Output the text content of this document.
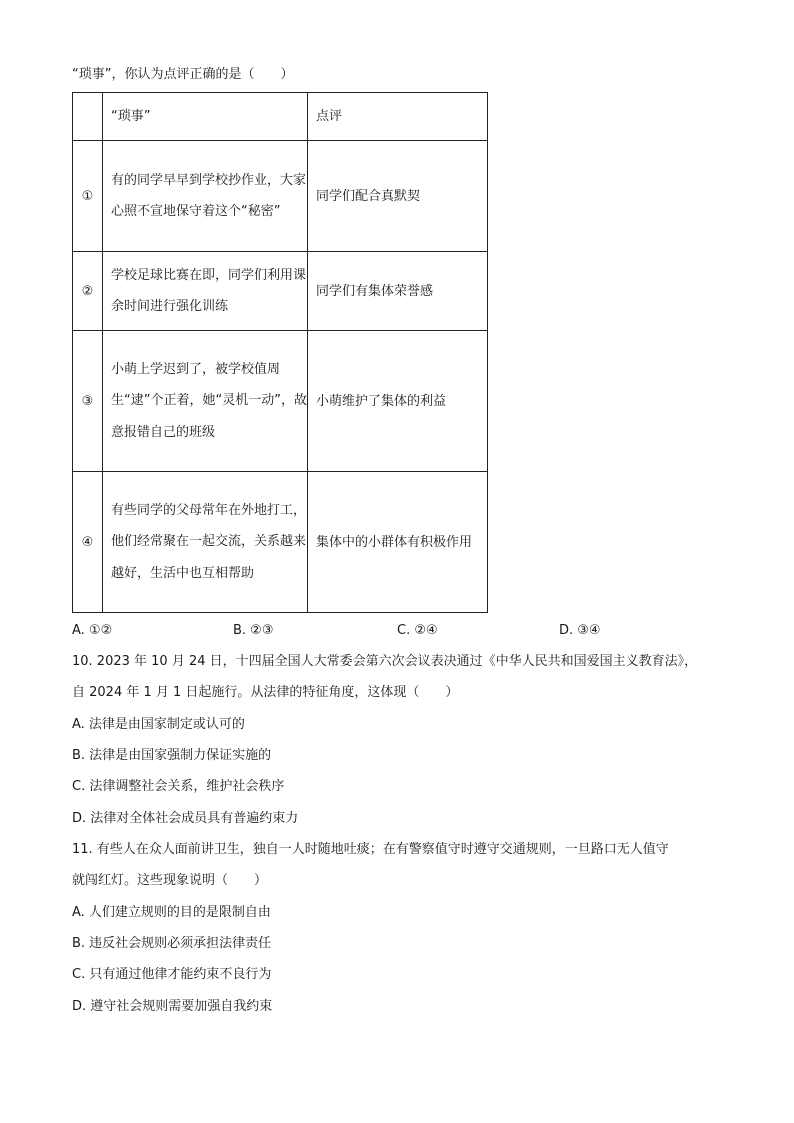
“琐事”，你认为点评正确的是（　　）
	“琐事”	点评
①	有的同学早早到学校抄作业，大家心照不宣地保守着这个“秘密”	同学们配合真默契
②	学校足球比赛在即，同学们利用课余时间进行强化训练	同学们有集体荣誉感
③	小萌上学迟到了，被学校值周生“逮”个正着，她“灵机一动”，故意报错自己的班级	小萌维护了集体的利益
④	有些同学的父母常年在外地打工，他们经常聚在一起交流，关系越来越好，生活中也互相帮助	集体中的小群体有积极作用
A. ①②	B. ②③	C. ②④	D. ③④
10. 2023 年 10 月 24 日，十四届全国人大常委会第六次会议表决通过《中华人民共和国爱国主义教育法》，
自 2024 年 1 月 1 日起施行。从法律的特征角度，这体现（　　）
A. 法律是由国家制定或认可的
B. 法律是由国家强制力保证实施的
C. 法律调整社会关系，维护社会秩序
D. 法律对全体社会成员具有普遍约束力
11. 有些人在众人面前讲卫生，独自一人时随地吐痰；在有警察值守时遵守交通规则，一旦路口无人值守
就闯红灯。这些现象说明（　　）
A. 人们建立规则的目的是限制自由
B. 违反社会规则必须承担法律责任
C. 只有通过他律才能约束不良行为
D. 遵守社会规则需要加强自我约束
